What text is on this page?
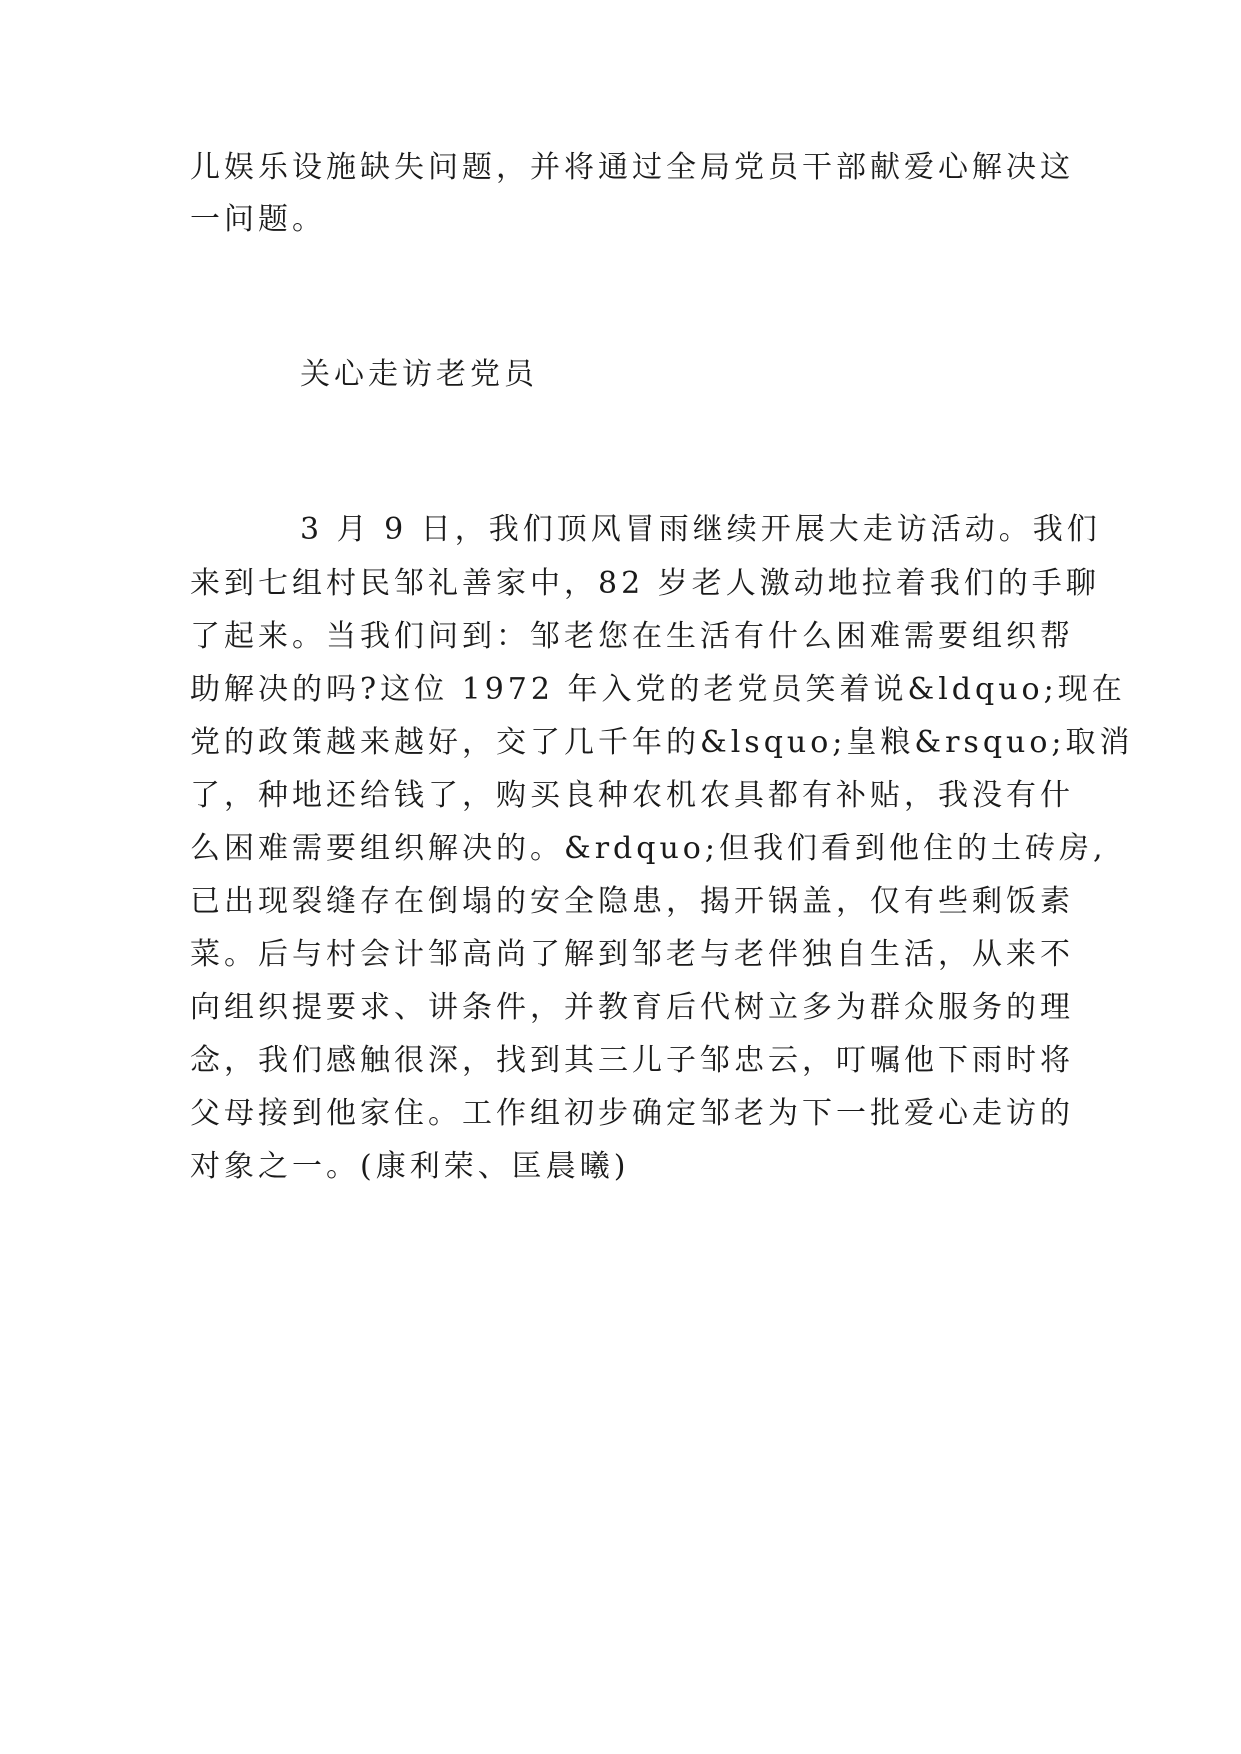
儿娱乐设施缺失问题，并将通过全局党员干部献爱心解决这
一问题。
关心走访老党员
3 月 9 日，我们顶风冒雨继续开展大走访活动。我们
来到七组村民邹礼善家中，82 岁老人激动地拉着我们的手聊
了起来。当我们问到：邹老您在生活有什么困难需要组织帮
助解决的吗?这位 1972 年入党的老党员笑着说&ldquo;现在
党的政策越来越好，交了几千年的&lsquo;皇粮&rsquo;取消
了，种地还给钱了，购买良种农机农具都有补贴，我没有什
么困难需要组织解决的。&rdquo;但我们看到他住的土砖房,
已出现裂缝存在倒塌的安全隐患，揭开锅盖，仅有些剩饭素
菜。后与村会计邹高尚了解到邹老与老伴独自生活，从来不
向组织提要求、讲条件，并教育后代树立多为群众服务的理
念，我们感触很深，找到其三儿子邹忠云，叮嘱他下雨时将
父母接到他家住。工作组初步确定邹老为下一批爱心走访的
对象之一。(康利荣、匡晨曦)
